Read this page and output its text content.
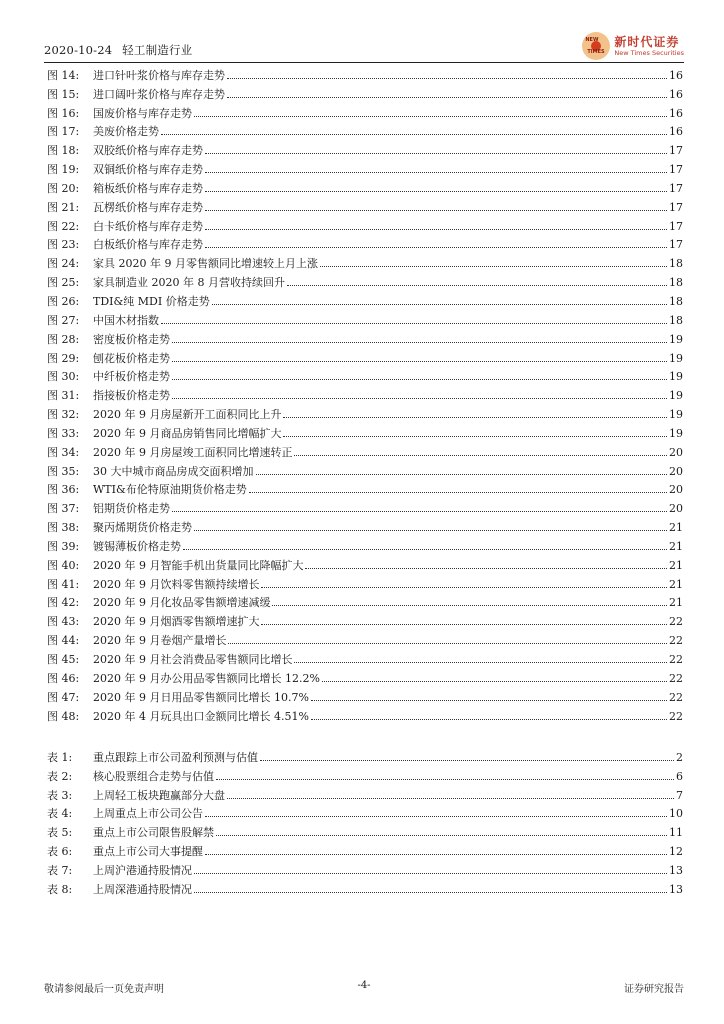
2020-10-24 轻工制造行业
NEW
TIMES
新时代证券
New Times Securities
图 14:	进口针叶浆价格与库存走势	16
图 15:	进口阔叶浆价格与库存走势	16
图 16:	国废价格与库存走势	16
图 17:	美废价格走势	16
图 18:	双胶纸价格与库存走势	17
图 19:	双铜纸价格与库存走势	17
图 20:	箱板纸价格与库存走势	17
图 21:	瓦楞纸价格与库存走势	17
图 22:	白卡纸价格与库存走势	17
图 23:	白板纸价格与库存走势	17
图 24:	家具 2020 年 9 月零售额同比增速较上月上涨	18
图 25:	家具制造业 2020 年 8 月营收持续回升	18
图 26:	TDI&纯 MDI 价格走势	18
图 27:	中国木材指数	18
图 28:	密度板价格走势	19
图 29:	刨花板价格走势	19
图 30:	中纤板价格走势	19
图 31:	指接板价格走势	19
图 32:	2020 年 9 月房屋新开工面积同比上升	19
图 33:	2020 年 9 月商品房销售同比增幅扩大	19
图 34:	2020 年 9 月房屋竣工面积同比增速转正	20
图 35:	30 大中城市商品房成交面积增加	20
图 36:	WTI&布伦特原油期货价格走势	20
图 37:	铝期货价格走势	20
图 38:	聚丙烯期货价格走势	21
图 39:	镀锡薄板价格走势	21
图 40:	2020 年 9 月智能手机出货量同比降幅扩大	21
图 41:	2020 年 9 月饮料零售额持续增长	21
图 42:	2020 年 9 月化妆品零售额增速减缓	21
图 43:	2020 年 9 月烟酒零售额增速扩大	22
图 44:	2020 年 9 月卷烟产量增长	22
图 45:	2020 年 9 月社会消费品零售额同比增长	22
图 46:	2020 年 9 月办公用品零售额同比增长 12.2%	22
图 47:	2020 年 9 月日用品零售额同比增长 10.7%	22
图 48:	2020 年 4 月玩具出口金额同比增长 4.51%	22
表 1:	重点跟踪上市公司盈利预测与估值	2
表 2:	核心股票组合走势与估值	6
表 3:	上周轻工板块跑赢部分大盘	7
表 4:	上周重点上市公司公告	10
表 5:	重点上市公司限售股解禁	11
表 6:	重点上市公司大事提醒	12
表 7:	上周沪港通持股情况	13
表 8:	上周深港通持股情况	13
敬请参阅最后一页免责声明	-4-	证券研究报告
